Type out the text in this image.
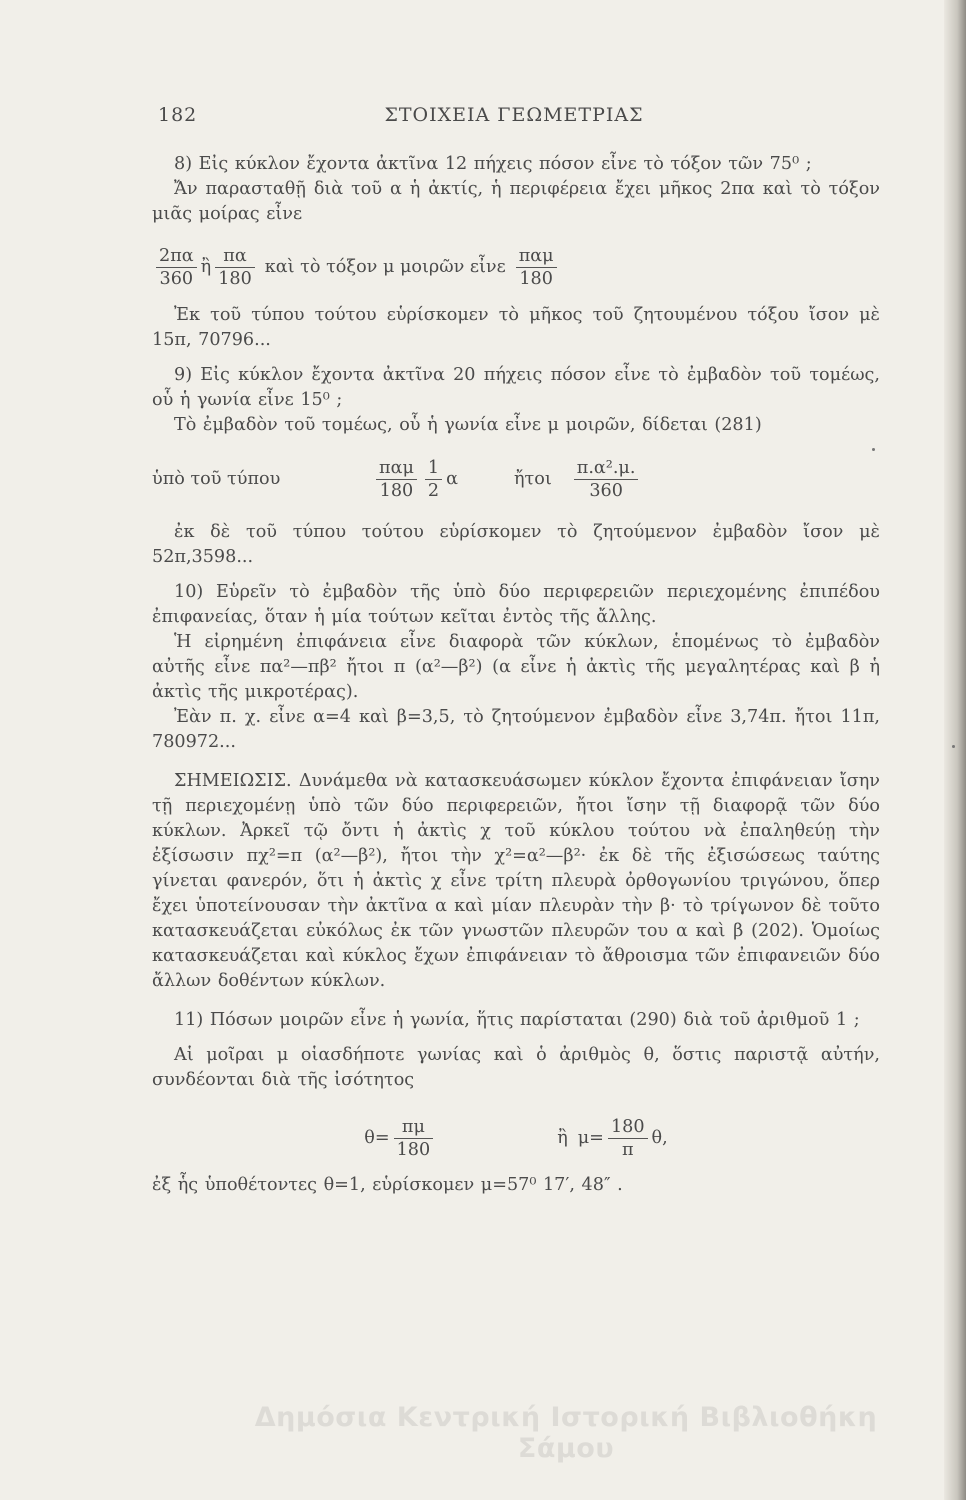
182	ΣΤΟΙΧΕΙΑ ΓΕΩΜΕΤΡΙΑΣ

8) Εἰς κύκλον ἔχοντα ἀκτῖνα 12 πήχεις πόσον εἶνε τὸ τόξον τῶν 75⁰ ;

Ἄν παρασταθῇ διὰ τοῦ α ἡ ἀκτίς, ἡ περιφέρεια ἔχει μῆκος 2πα καὶ τὸ τόξον μιᾶς μοίρας εἶνε

$\frac{2\pi\alpha}{360}$ ἢ $\frac{\pi\alpha}{180}$ καὶ τὸ τόξον μ μοιρῶν εἶνε $\frac{\text{παμ}}{180}$

Ἐκ τοῦ τύπου τούτου εὑρίσκομεν τὸ μῆκος τοῦ ζητουμένου τόξου ἴσον μὲ 15π, 70796...

9) Εἰς κύκλον ἔχοντα ἀκτῖνα 20 πήχεις πόσον εἶνε τὸ ἐμβαδὸν τοῦ τομέως, οὗ ἡ γωνία εἶνε 15⁰ ;

Τὸ ἐμβαδὸν τοῦ τομέως, οὗ ἡ γωνία εἶνε μ μοιρῶν, δίδεται (281)

ὑπὸ τοῦ τύπου	$\frac{\text{παμ}}{180} \frac{1}{2}$ α	ἤτοι $\frac{\text{π.α².μ.}}{360}$

ἐκ δὲ τοῦ τύπου τούτου εὑρίσκομεν τὸ ζητούμενον ἐμβαδὸν ἴσον μὲ 52π,3598...

10) Εὑρεῖν τὸ ἐμβαδὸν τῆς ὑπὸ δύο περιφερειῶν περιεχομένης ἐπιπέδου ἐπιφανείας, ὅταν ἡ μία τούτων κεῖται ἐντὸς τῆς ἄλλης.

Ἡ εἰρημένη ἐπιφάνεια εἶνε διαφορὰ τῶν κύκλων, ἑπομένως τὸ ἐμβαδὸν αὐτῆς εἶνε πα²—πβ² ἤτοι π (α²—β²) (α εἶνε ἡ ἀκτὶς τῆς μεγαλητέρας καὶ β ἡ ἀκτὶς τῆς μικροτέρας).

Ἐὰν π. χ. εἶνε α=4 καὶ β=3,5, τὸ ζητούμενον ἐμβαδὸν εἶνε 3,74π. ἤτοι 11π, 780972...

ΣΗΜΕΙΩΣΙΣ. Δυνάμεθα νὰ κατασκευάσωμεν κύκλον ἔχοντα ἐπιφάνειαν ἴσην τῇ περιεχομένῃ ὑπὸ τῶν δύο περιφερειῶν, ἤτοι ἴσην τῇ διαφορᾷ τῶν δύο κύκλων. Ἀρκεῖ τῷ ὄντι ἡ ἀκτὶς χ τοῦ κύκλου τούτου νὰ ἐπαληθεύῃ τὴν ἐξίσωσιν πχ²=π (α²—β²), ἤτοι τὴν χ²=α²—β²· ἐκ δὲ τῆς ἐξισώσεως ταύτης γίνεται φανερόν, ὅτι ἡ ἀκτὶς χ εἶνε τρίτη πλευρὰ ὀρθογωνίου τριγώνου, ὅπερ ἔχει ὑποτείνουσαν τὴν ἀκτῖνα α καὶ μίαν πλευρὰν τὴν β· τὸ τρίγωνον δὲ τοῦτο κατασκευάζεται εὐκόλως ἐκ τῶν γνωστῶν πλευρῶν του α καὶ β (202). Ὁμοίως κατασκευάζεται καὶ κύκλος ἔχων ἐπιφάνειαν τὸ ἄθροισμα τῶν ἐπιφανειῶν δύο ἄλλων δοθέντων κύκλων.

11) Πόσων μοιρῶν εἶνε ἡ γωνία, ἥτις παρίσταται (290) διὰ τοῦ ἀριθμοῦ 1 ;

Αἱ μοῖραι μ οἱασδήποτε γωνίας καὶ ὁ ἀριθμὸς θ, ὅστις παριστᾷ αὐτήν, συνδέονται διὰ τῆς ἰσότητος

$\theta= \frac{\pi\mu}{180}$	ἢ $\mu= \frac{180}{\pi} \theta$,

ἐξ ἧς ὑποθέτοντες θ=1, εὑρίσκομεν μ=57⁰ 17′, 48″ .

Δημόσια Κεντρική Ιστορική Βιβλιοθήκη Σάμου
